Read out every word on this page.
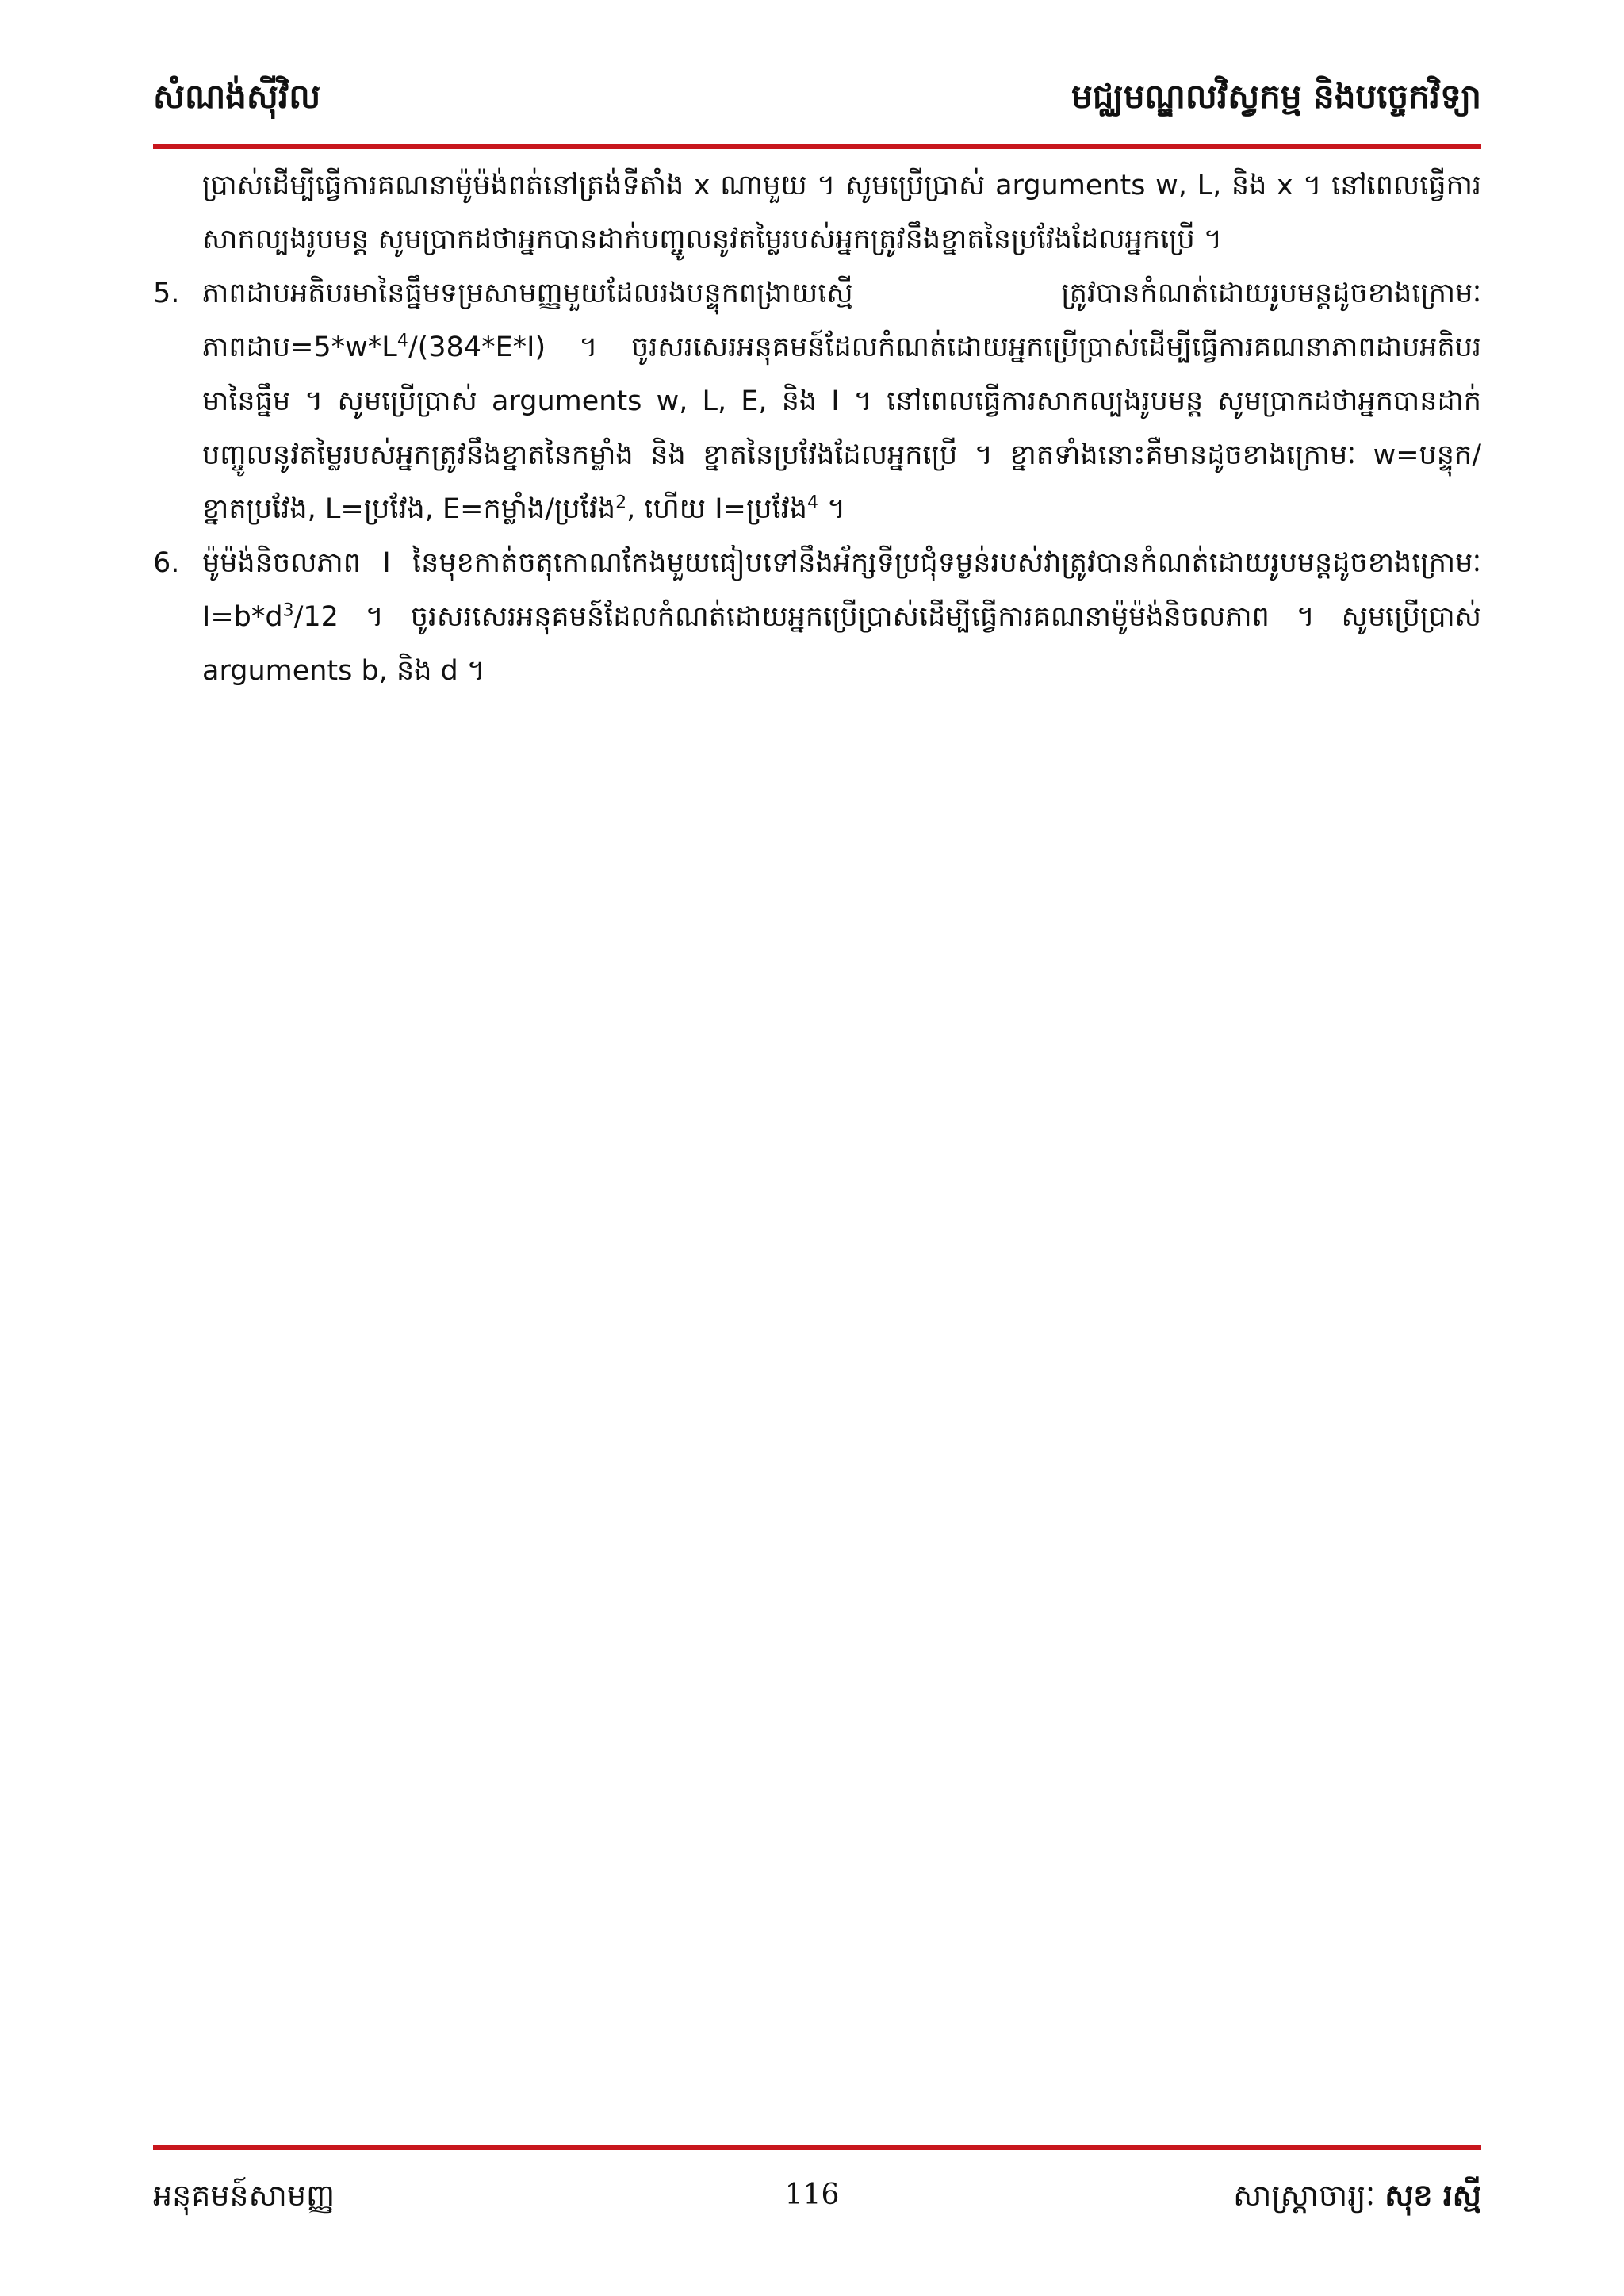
សំណង់ស៊ីវិល	មជ្ឈមណ្ឌលវិស្វកម្ម និងបច្ចេកវិទ្យា

ប្រាស់ដើម្បីធ្វើការគណនាម៉ូម៉ង់ពត់នៅត្រង់ទីតាំង x ណាមួយ ។ សូមប្រើប្រាស់ arguments w, L, និង x ។ នៅពេលធ្វើការសាកល្បងរូបមន្ត សូមប្រាកដថាអ្នកបានដាក់បញ្ចូលនូវតម្លៃរបស់អ្នកត្រូវនឹងខ្នាតនៃប្រវែងដែលអ្នកប្រើ ។

5. ភាពដាបអតិបរមានៃធ្នឹមទម្រសាមញ្ញមួយដែលរងបន្ទុកពង្រាយស្មើ ត្រូវបានកំណត់ដោយរូបមន្តដូចខាងក្រោមៈ ភាពដាប$=5*w*L^4/(384*E*I)$ ។ ចូរសរសេរអនុគមន៍ដែលកំណត់ដោយអ្នកប្រើប្រាស់ដើម្បីធ្វើការគណនាភាពដាបអតិបរមានៃធ្នឹម ។ សូមប្រើប្រាស់ arguments w, L, E, និង I ។ នៅពេលធ្វើការសាកល្បងរូបមន្ត សូមប្រាកដថាអ្នកបានដាក់បញ្ចូលនូវតម្លៃរបស់អ្នកត្រូវនឹងខ្នាតនៃកម្លាំង និង ខ្នាតនៃប្រវែងដែលអ្នកប្រើ ។ ខ្នាតទាំងនោះគឺមានដូចខាងក្រោមៈ w=បន្ទុក/ខ្នាតប្រវែង, L=ប្រវែង, E=កម្លាំង/ប្រវែង$^2$, ហើយ I=ប្រវែង$^4$ ។

6. ម៉ូម៉ង់និចលភាព I នៃមុខកាត់ចតុកោណកែងមួយធៀបទៅនឹងអ័ក្សទីប្រជុំទម្ងន់របស់វាត្រូវបានកំណត់ដោយរូបមន្តដូចខាងក្រោមៈ $I=b*d^3/12$ ។ ចូរសរសេរអនុគមន៍ដែលកំណត់ដោយអ្នកប្រើប្រាស់ដើម្បីធ្វើការគណនាម៉ូម៉ង់និចលភាព ។ សូមប្រើប្រាស់ arguments b, និង d ។

អនុគមន៍សាមញ្ញ	116	សាស្ត្រាចារ្យៈ សុខ រស្មី
